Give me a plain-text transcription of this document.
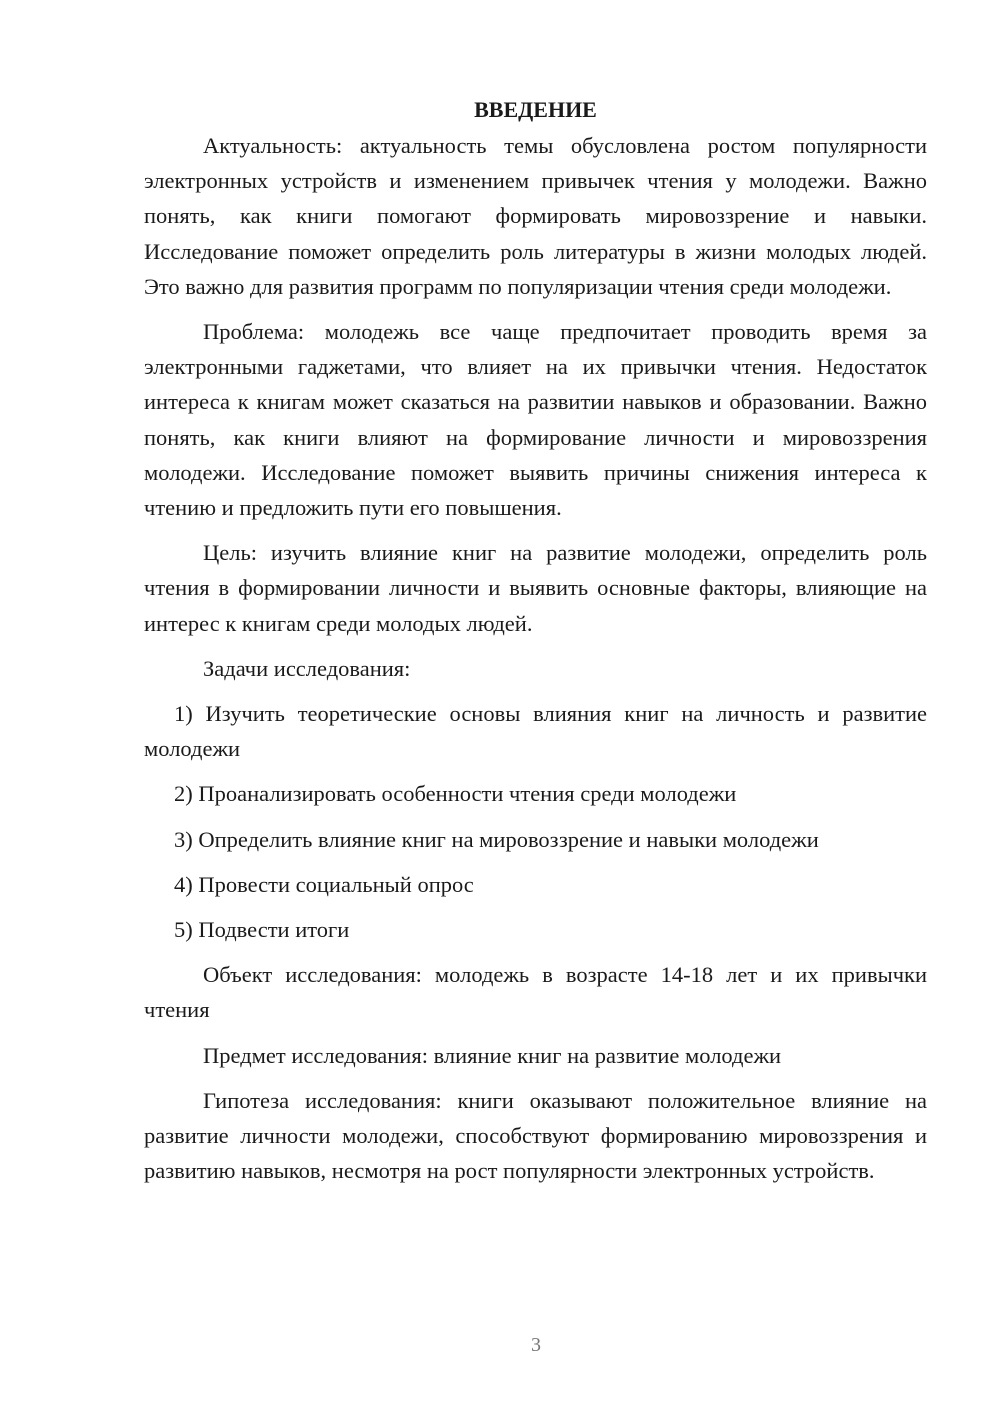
ВВЕДЕНИЕ

Актуальность: актуальность темы обусловлена ростом популярности электронных устройств и изменением привычек чтения у молодежи. Важно понять, как книги помогают формировать мировоззрение и навыки. Исследование поможет определить роль литературы в жизни молодых людей. Это важно для развития программ по популяризации чтения среди молодежи.

Проблема: молодежь все чаще предпочитает проводить время за электронными гаджетами, что влияет на их привычки чтения. Недостаток интереса к книгам может сказаться на развитии навыков и образовании. Важно понять, как книги влияют на формирование личности и мировоззрения молодежи. Исследование поможет выявить причины снижения интереса к чтению и предложить пути его повышения.

Цель: изучить влияние книг на развитие молодежи, определить роль чтения в формировании личности и выявить основные факторы, влияющие на интерес к книгам среди молодых людей.

Задачи исследования:

1) Изучить теоретические основы влияния книг на личность и развитие молодежи

2) Проанализировать особенности чтения среди молодежи

3) Определить влияние книг на мировоззрение и навыки молодежи

4) Провести социальный опрос

5) Подвести итоги

Объект исследования: молодежь в возрасте 14-18 лет и их привычки чтения

Предмет исследования: влияние книг на развитие молодежи

Гипотеза исследования: книги оказывают положительное влияние на развитие личности молодежи, способствуют формированию мировоззрения и развитию навыков, несмотря на рост популярности электронных устройств.

3
